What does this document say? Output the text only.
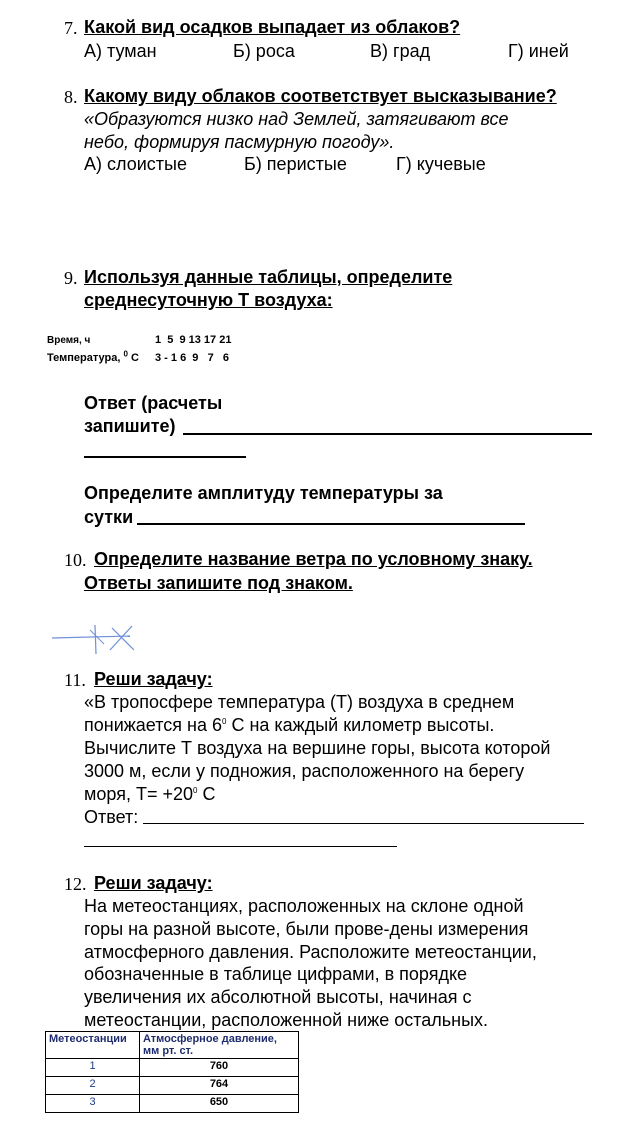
7. Какой вид осадков выпадает из облаков?
А) туман	Б) роса	В) град	Г) иней
8. Какому виду облаков соответствует высказывание?
«Образуются низко над Землей, затягивают все
небо, формируя пасмурную погоду».
А) слоистые	Б) перистые	Г) кучевые
9. Используя данные таблицы, определите
среднесуточную Т воздуха:
Время, ч	1  5  9 13 17 21
Температура, $^0$ С 3 - 1 6  9   7   6
Ответ (расчеты
запишите)
Определите амплитуду температуры за
сутки
10. Определите название ветра по условному знаку.
Ответы запишите под знаком.
11. Реши задачу:
«В тропосфере температура (Т) воздуха в среднем
понижается на $6^0$ С на каждый километр высоты.
Вычислите Т воздуха на вершине горы, высота которой
3000 м, если у подножия, расположенного на берегу
моря, $Т= +20^0$ С
Ответ:
12. Реши задачу:
На метеостанциях, расположенных на склоне одной
горы на разной высоте, были прове-дены измерения
атмосферного давления. Расположите метеостанции,
обозначенные в таблице цифрами, в порядке
увеличения их абсолютной высоты, начиная с
метеостанции, расположенной ниже остальных.
Метеостанции	Атмосферное давление,
мм рт. ст.

1	760
2	764
3	650
